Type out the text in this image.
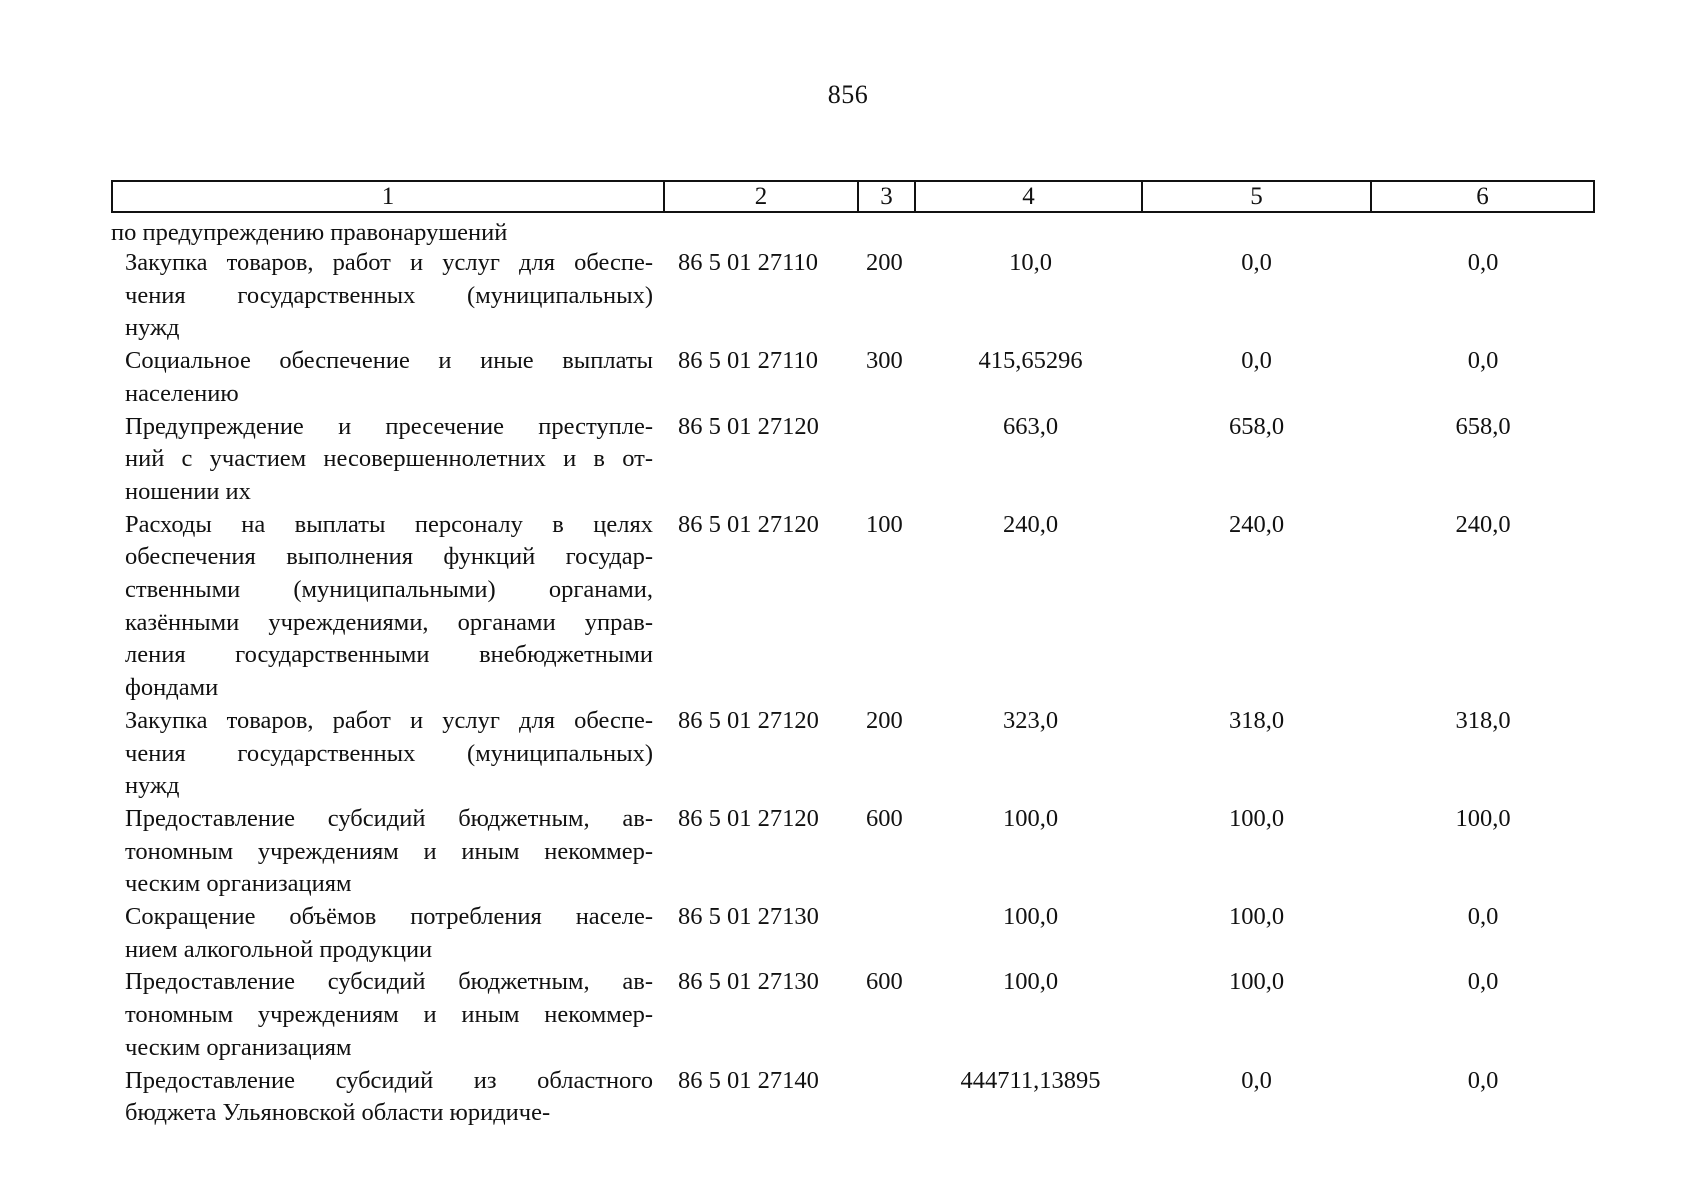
856
1	2	3	4	5	6
по предупреждению правонарушений
Закупка товаров, работ и услуг для обеспе-
чения государственных (муниципальных)
нужд
86 5 01 27110 200	10,0	0,0	0,0
Социальное обеспечение и иные выплаты
населению
86 5 01 27110 300	415,65296	0,0	0,0
Предупреждение и пресечение преступле-
ний с участием несовершеннолетних и в от-
ношении их
86 5 01 27120	663,0	658,0	658,0
Расходы на выплаты персоналу в целях
обеспечения выполнения функций государ-
ственными (муниципальными) органами,
казёнными учреждениями, органами управ-
ления государственными внебюджетными
фондами
86 5 01 27120 100	240,0	240,0	240,0
Закупка товаров, работ и услуг для обеспе-
чения государственных (муниципальных)
нужд
86 5 01 27120 200	323,0	318,0	318,0
Предоставление субсидий бюджетным, ав-
тономным учреждениям и иным некоммер-
ческим организациям
86 5 01 27120 600	100,0	100,0	100,0
Сокращение объёмов потребления населе-
нием алкогольной продукции
86 5 01 27130	100,0	100,0	0,0
Предоставление субсидий бюджетным, ав-
тономным учреждениям и иным некоммер-
ческим организациям
86 5 01 27130 600	100,0	100,0	0,0
Предоставление субсидий из областного
бюджета Ульяновской области юридиче-
86 5 01 27140	444711,13895	0,0	0,0
